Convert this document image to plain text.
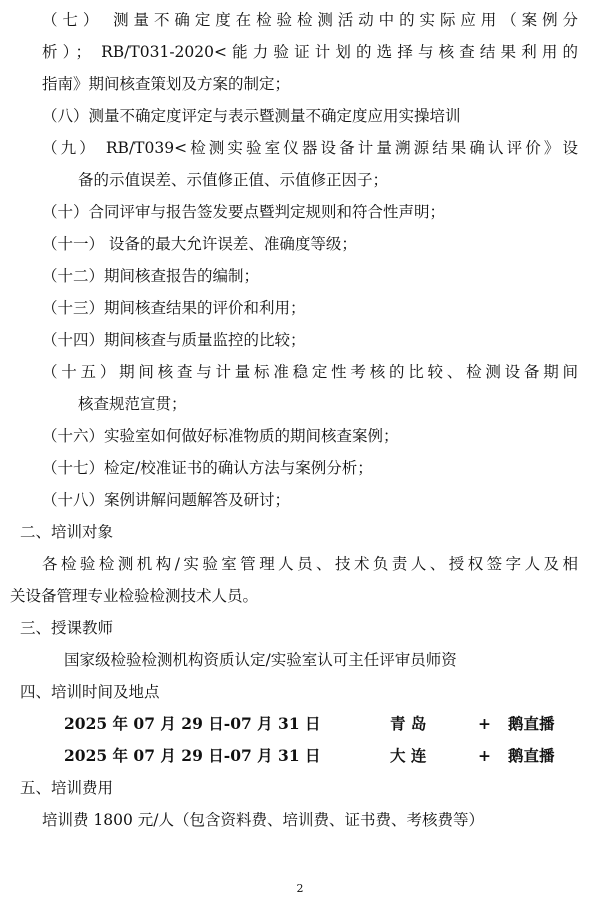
（七） 测量不确定度在检验检测活动中的实际应用（案例分
析）； RB/T031-2020<能力验证计划的选择与核查结果利用的
指南》期间核查策划及方案的制定；
（八）测量不确定度评定与表示暨测量不确定度应用实操培训
（九） RB/T039<检测实验室仪器设备计量溯源结果确认评价》设
备的示值误差、示值修正值、示值修正因子；
（十）合同评审与报告签发要点暨判定规则和符合性声明；
（十一） 设备的最大允许误差、准确度等级；
（十二）期间核查报告的编制；
（十三）期间核查结果的评价和利用；
（十四）期间核查与质量监控的比较；
（十五）期间核查与计量标准稳定性考核的比较、检测设备期间
核查规范宣贯；
（十六）实验室如何做好标准物质的期间核查案例；
（十七）检定/校准证书的确认方法与案例分析；
（十八）案例讲解问题解答及研讨；
二、培训对象
各检验检测机构/实验室管理人员、技术负责人、授权签字人及相
关设备管理专业检验检测技术人员。
三、授课教师
国家级检验检测机构资质认定/实验室认可主任评审员师资
四、培训时间及地点
2025 年 07 月 29 日-07 月 31 日	青 岛	+ 鹅直播
2025 年 07 月 29 日-07 月 31 日	大 连	+ 鹅直播
五、培训费用
培训费 1800 元/人（包含资料费、培训费、证书费、考核费等）
2
